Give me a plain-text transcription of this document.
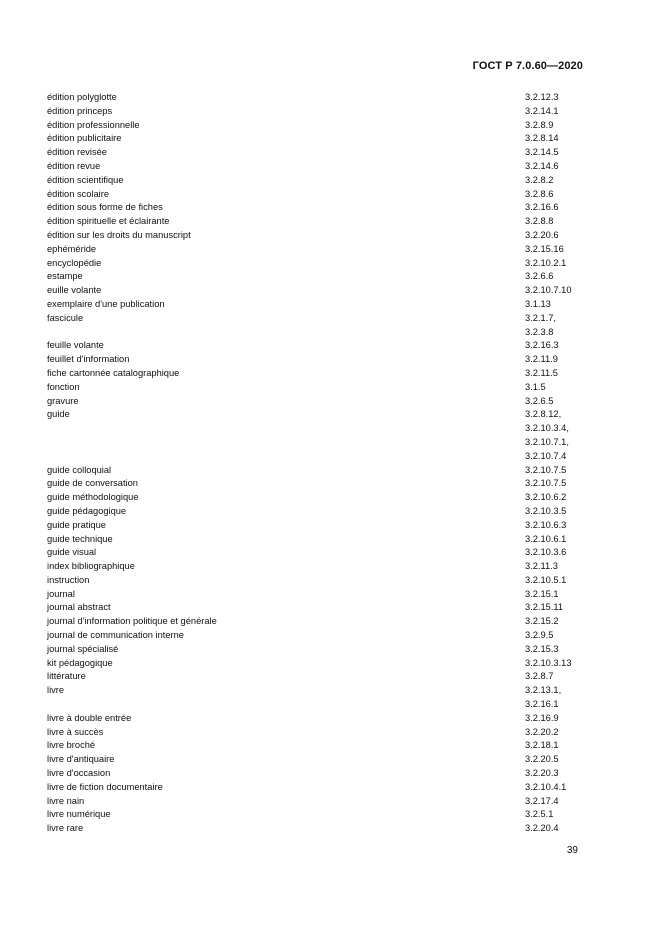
ГОСТ Р 7.0.60—2020
édition polyglotte	3.2.12.3
édition princeps	3.2.14.1
édition professionnelle	3.2.8.9
édition publicitaire	3.2.8.14
édition revisée	3.2.14.5
édition revue	3.2.14.6
édition scientifique	3.2.8.2
édition scolaire	3.2.8.6
édition sous forme de fiches	3.2.16.6
édition spirituelle et éclairante	3.2.8.8
édition sur les droits du manuscript	3.2.20.6
ephéméride	3.2.15.16
encyclopédie	3.2.10.2.1
estampe	3.2.6.6
euille volante	3.2.10.7.10
exemplaire d'une publication	3.1.13
fascicule	3.2.1.7,
3.2.3.8
feuille volante	3.2.16.3
feuillet d'information	3.2.11.9
fiche cartonnée catalographique	3.2.11.5
fonction	3.1.5
gravure	3.2.6.5
guide	3.2.8.12,
3.2.10.3.4,
3.2.10.7.1,
3.2.10.7.4
guide colloquial	3.2.10.7.5
guide de conversation	3.2.10.7.5
guide méthodologique	3.2.10.6.2
guide pédagogique	3.2.10.3.5
guide pratique	3.2.10.6.3
guide technique	3.2.10.6.1
guide visual	3.2.10.3.6
index bibliographique	3.2.11.3
instruction	3.2.10.5.1
journal	3.2.15.1
journal abstract	3.2.15.11
journal d'information politique et générale	3.2.15.2
journal de communication interne	3.2.9.5
journal spécialisé	3.2.15.3
kit pédagogique	3.2.10.3.13
littérature	3.2.8.7
livre	3.2.13.1,
3.2.16.1
livre à double entrée	3.2.16.9
livre à succès	3.2.20.2
livre broché	3.2.18.1
livre d'antiquaire	3.2.20.5
livre d'occasion	3.2.20.3
livre de fiction documentaire	3.2.10.4.1
livre nain	3.2.17.4
livre numérique	3.2.5.1
livre rare	3.2.20.4
39
